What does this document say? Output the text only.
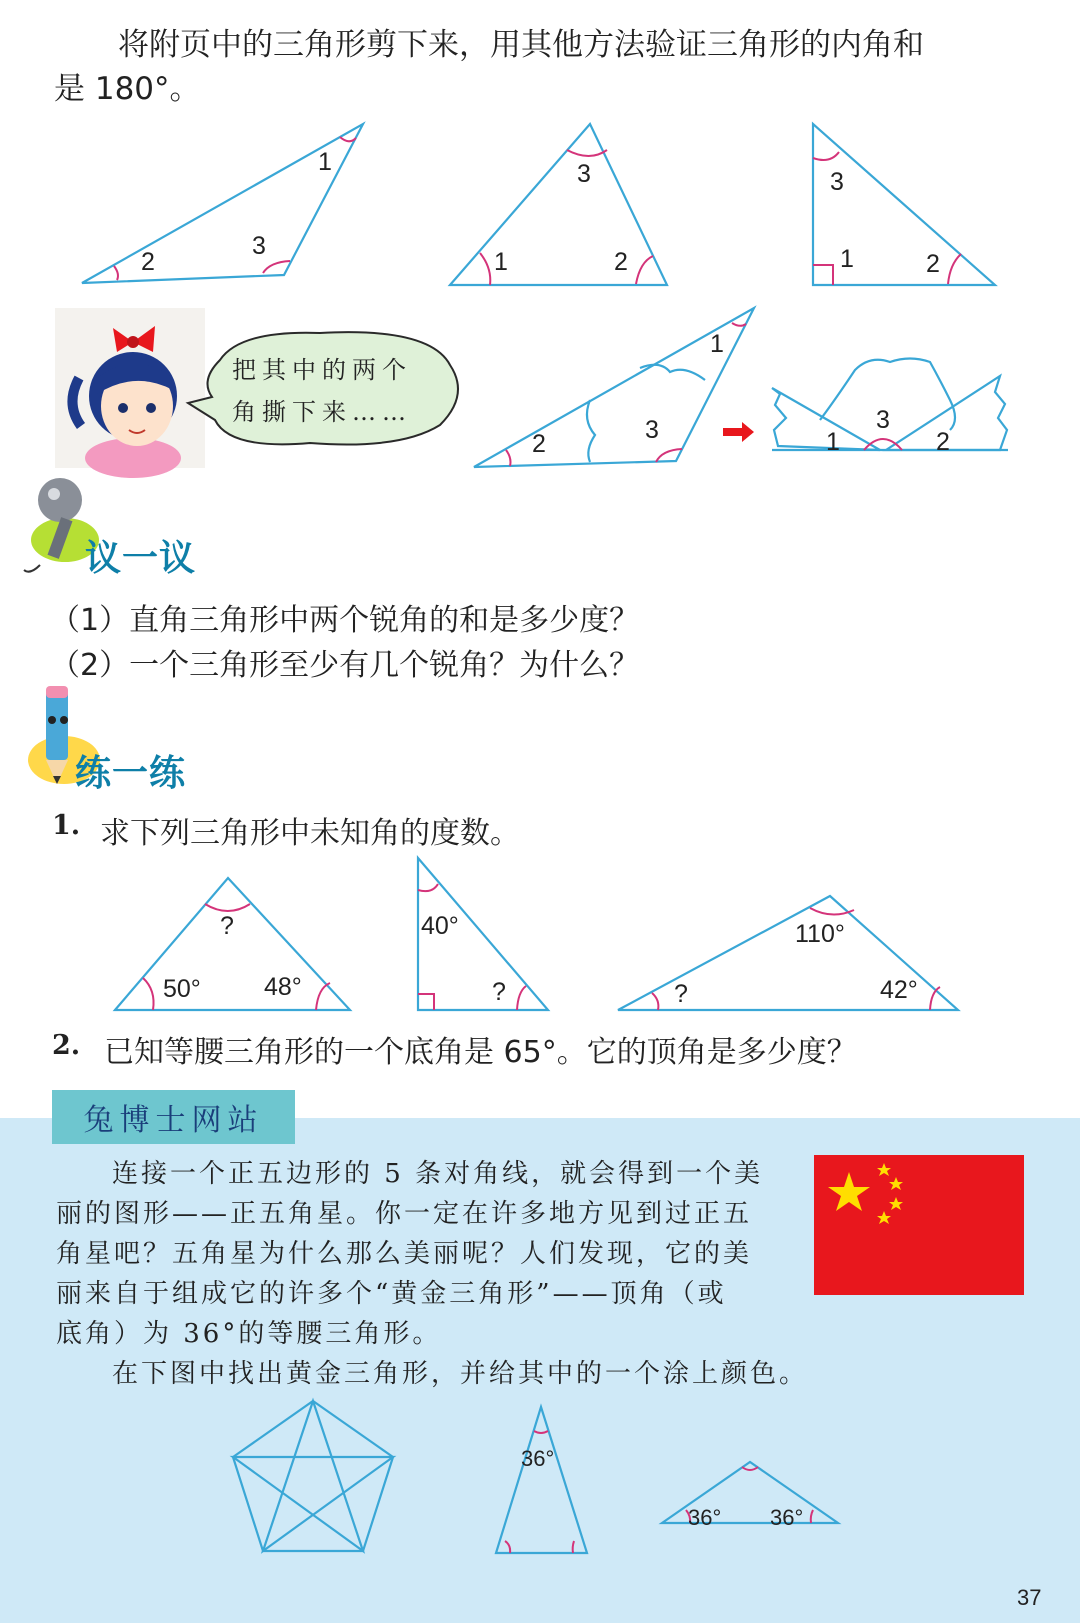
将附页中的三角形剪下来，用其他方法验证三角形的内角和
是 180°。
1
2
3
3
1	2
3
1	2
把其中的两个
角撕下来……
1
2	3	1
3
2
议一议
（1）直角三角形中两个锐角的和是多少度？
（2）一个三角形至少有几个锐角？为什么？
练一练
1. 求下列三角形中未知角的度数。
?
50°	48°
40°
?
110°
?	42°
2. 已知等腰三角形的一个底角是 65°。它的顶角是多少度？
兔博士网站
连接一个正五边形的 5 条对角线，就会得到一个美
丽的图形——正五角星。你一定在许多地方见到过正五
角星吧？五角星为什么那么美丽呢？人们发现，它的美
丽来自于组成它的许多个“黄金三角形”——顶角（或
底角）为 36°的等腰三角形。
在下图中找出黄金三角形，并给其中的一个涂上颜色。
36°
36° 36°
37
